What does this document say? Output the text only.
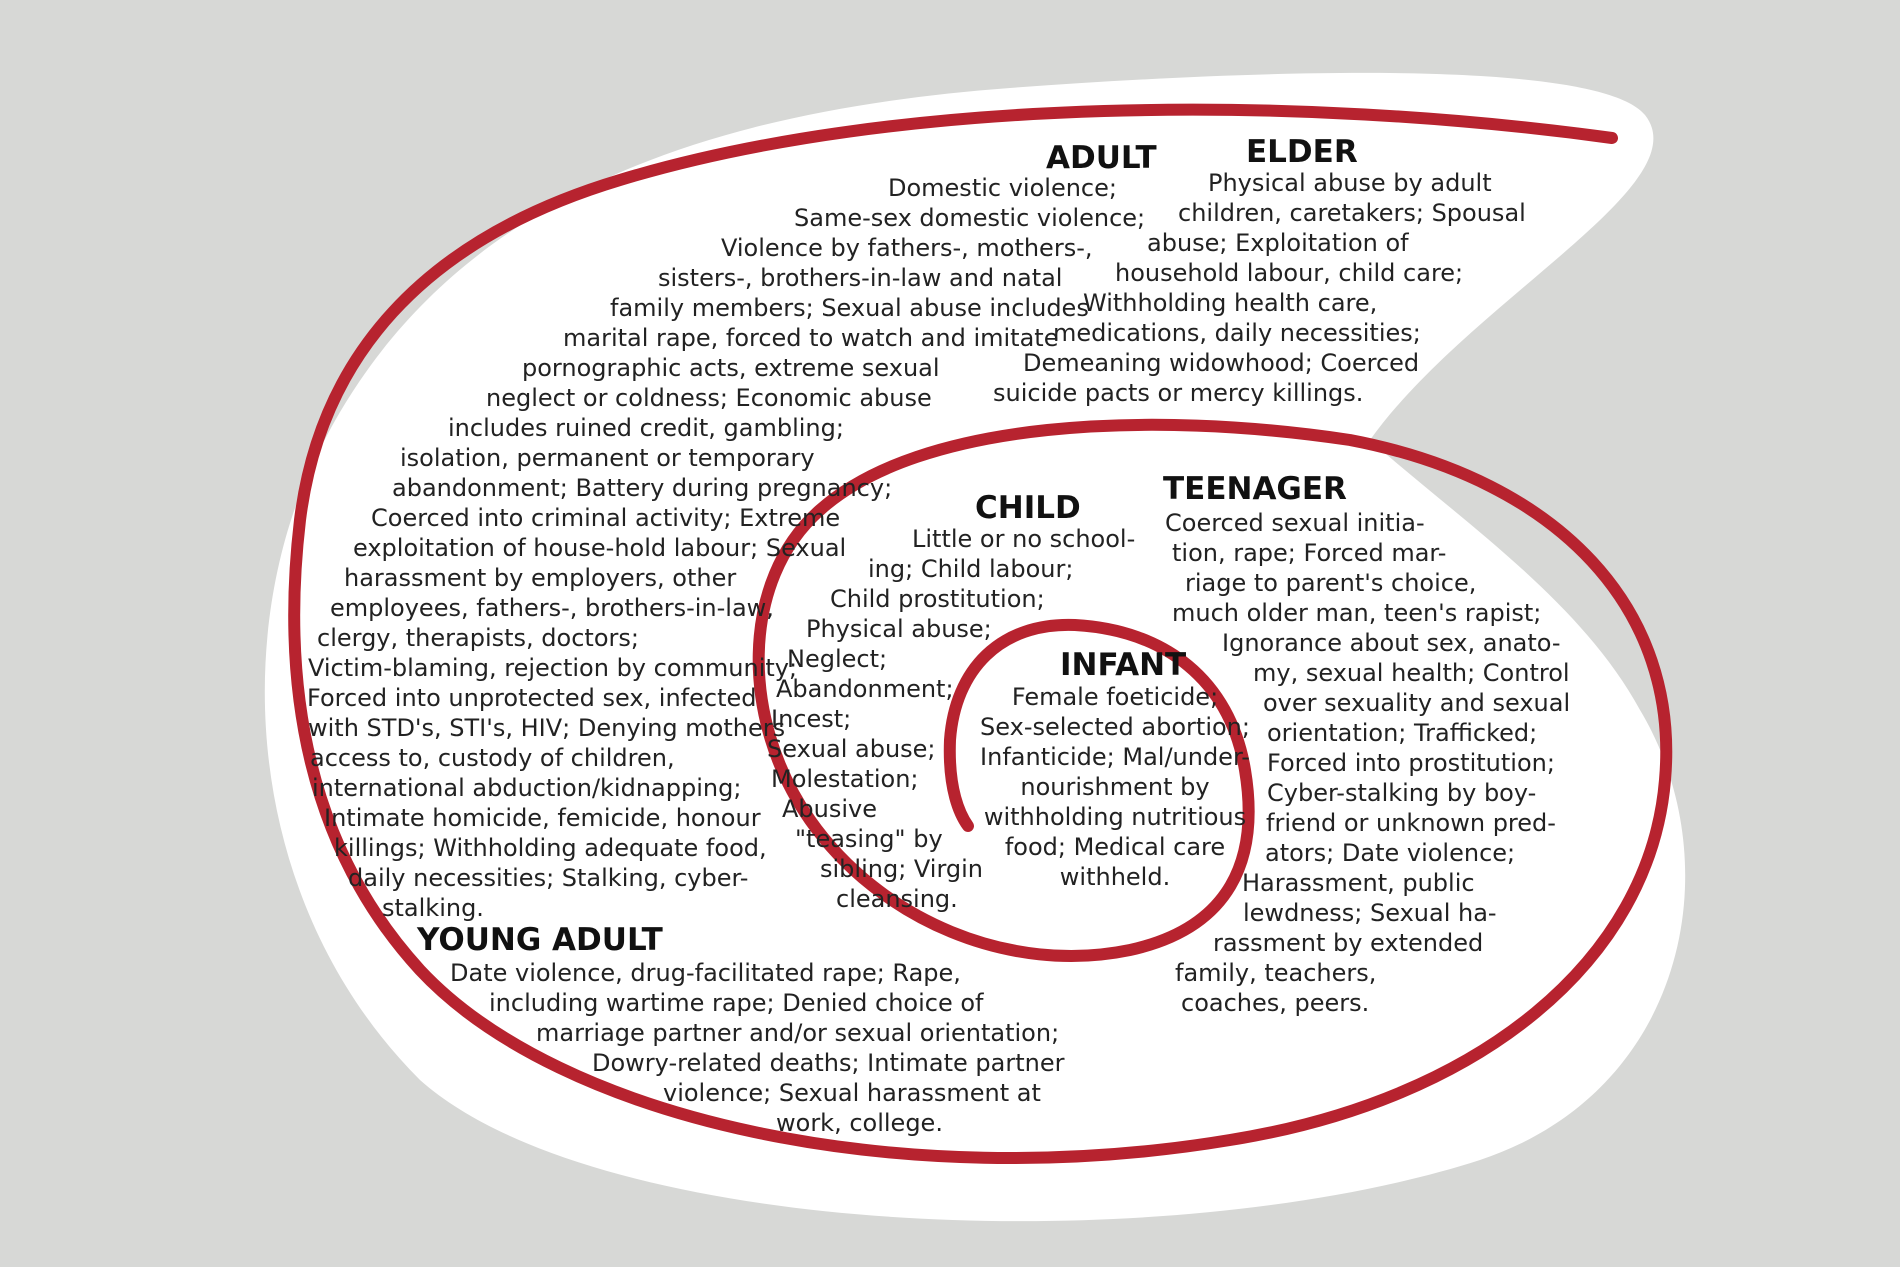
ADULT
Domestic violence;
Same-sex domestic violence;
Violence by fathers-, mothers-,
sisters-, brothers-in-law and natal
family members; Sexual abuse includes
marital rape, forced to watch and imitate
pornographic acts, extreme sexual
neglect or coldness; Economic abuse
includes ruined credit, gambling;
isolation, permanent or temporary
abandonment; Battery during pregnancy;
Coerced into criminal activity; Extreme
exploitation of house-hold labour; Sexual
harassment by employers, other
employees, fathers-, brothers-in-law,
clergy, therapists, doctors;
Victim-blaming, rejection by community;
Forced into unprotected sex, infected
with STD's, STI's, HIV; Denying mothers
access to, custody of children,
international abduction/kidnapping;
Intimate homicide, femicide, honour
killings; Withholding adequate food,
daily necessities; Stalking, cyber-
stalking.
ELDER
Physical abuse by adult
children, caretakers; Spousal
abuse; Exploitation of
household labour, child care;
Withholding health care,
medications, daily necessities;
Demeaning widowhood; Coerced
suicide pacts or mercy killings.
TEENAGER
Coerced sexual initia-
tion, rape; Forced mar-
riage to parent's choice,
much older man, teen's rapist;
Ignorance about sex, anato-
my, sexual health; Control
over sexuality and sexual
orientation; Trafficked;
Forced into prostitution;
Cyber-stalking by boy-
friend or unknown pred-
ators; Date violence;
Harassment, public
lewdness; Sexual ha-
rassment by extended
family, teachers,
coaches, peers.
CHILD
Little or no school-
ing; Child labour;
Child prostitution;
Physical abuse;
Neglect;
Abandonment;
Incest;
Sexual abuse;
Molestation;
Abusive
"teasing" by
sibling; Virgin
cleansing.
INFANT
Female foeticide;
Sex-selected abortion;
Infanticide; Mal/under-
nourishment by
withholding nutritious
food; Medical care
withheld.
YOUNG ADULT
Date violence, drug-facilitated rape; Rape,
including wartime rape; Denied choice of
marriage partner and/or sexual orientation;
Dowry-related deaths; Intimate partner
violence; Sexual harassment at
work, college.
